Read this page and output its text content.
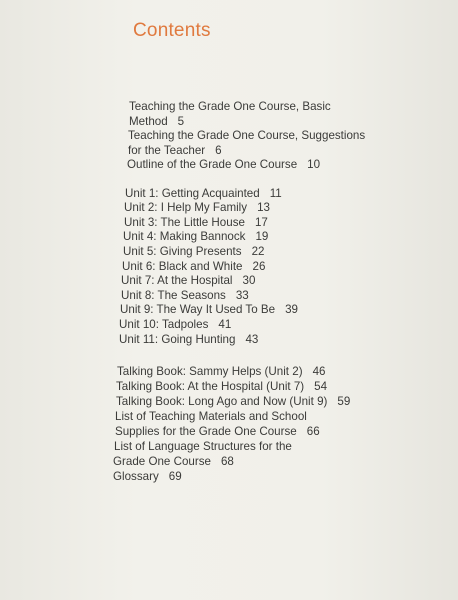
Contents
Teaching the Grade One Course, Basic
Method 5
Teaching the Grade One Course, Suggestions
for the Teacher 6
Outline of the Grade One Course 10
Unit 1: Getting Acquainted 11
Unit 2: I Help My Family 13
Unit 3: The Little House 17
Unit 4: Making Bannock 19
Unit 5: Giving Presents 22
Unit 6: Black and White 26
Unit 7: At the Hospital 30
Unit 8: The Seasons 33
Unit 9: The Way It Used To Be 39
Unit 10: Tadpoles 41
Unit 11: Going Hunting 43
Talking Book: Sammy Helps (Unit 2) 46
Talking Book: At the Hospital (Unit 7) 54
Talking Book: Long Ago and Now (Unit 9) 59
List of Teaching Materials and School
Supplies for the Grade One Course 66
List of Language Structures for the
Grade One Course 68
Glossary 69
